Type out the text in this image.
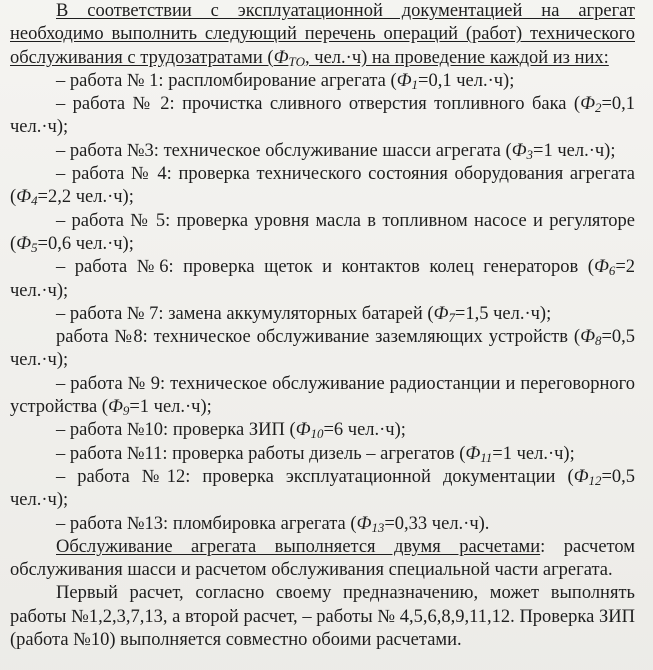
В соответствии с эксплуатационной документацией на агрегат необходимо выполнить следующий перечень операций (работ) технического обслуживания с трудозатратами ($Ф_{ТО}$, чел.·ч) на проведение каждой из них:

– работа № 1: распломбирование агрегата ($Ф_1=0,1$ чел.·ч);

– работа № 2: прочистка сливного отверстия топливного бака ($Ф_2=0,1$ чел.·ч);

– работа №3: техническое обслуживание шасси агрегата ($Ф_3=1$ чел.·ч);

– работа № 4: проверка технического состояния оборудования агрегата ($Ф_4=2,2$ чел.·ч);

– работа № 5: проверка уровня масла в топливном насосе и регуляторе ($Ф_5=0,6$ чел.·ч);

– работа №6: проверка щеток и контактов колец генераторов ($Ф_6=2$ чел.·ч);

– работа № 7: замена аккумуляторных батарей ($Ф_7=1,5$ чел.·ч);

работа №8: техническое обслуживание заземляющих устройств ($Ф_8=0,5$ чел.·ч);

– работа № 9: техническое обслуживание радиостанции и переговорного устройства ($Ф_9=1$ чел.·ч);

– работа №10: проверка ЗИП ($Ф_{10}=6$ чел.·ч);

– работа №11: проверка работы дизель – агрегатов ($Ф_{11}=1$ чел.·ч);

– работа №12: проверка эксплуатационной документации ($Ф_{12}=0,5$ чел.·ч);

– работа №13: пломбировка агрегата ($Ф_{13}=0,33$ чел.·ч).

Обслуживание агрегата выполняется двумя расчетами: расчетом обслуживания шасси и расчетом обслуживания специальной части агрегата.

Первый расчет, согласно своему предназначению, может выполнять работы №1,2,3,7,13, а второй расчет, – работы № 4,5,6,8,9,11,12. Проверка ЗИП (работа №10) выполняется совместно обоими расчетами.
